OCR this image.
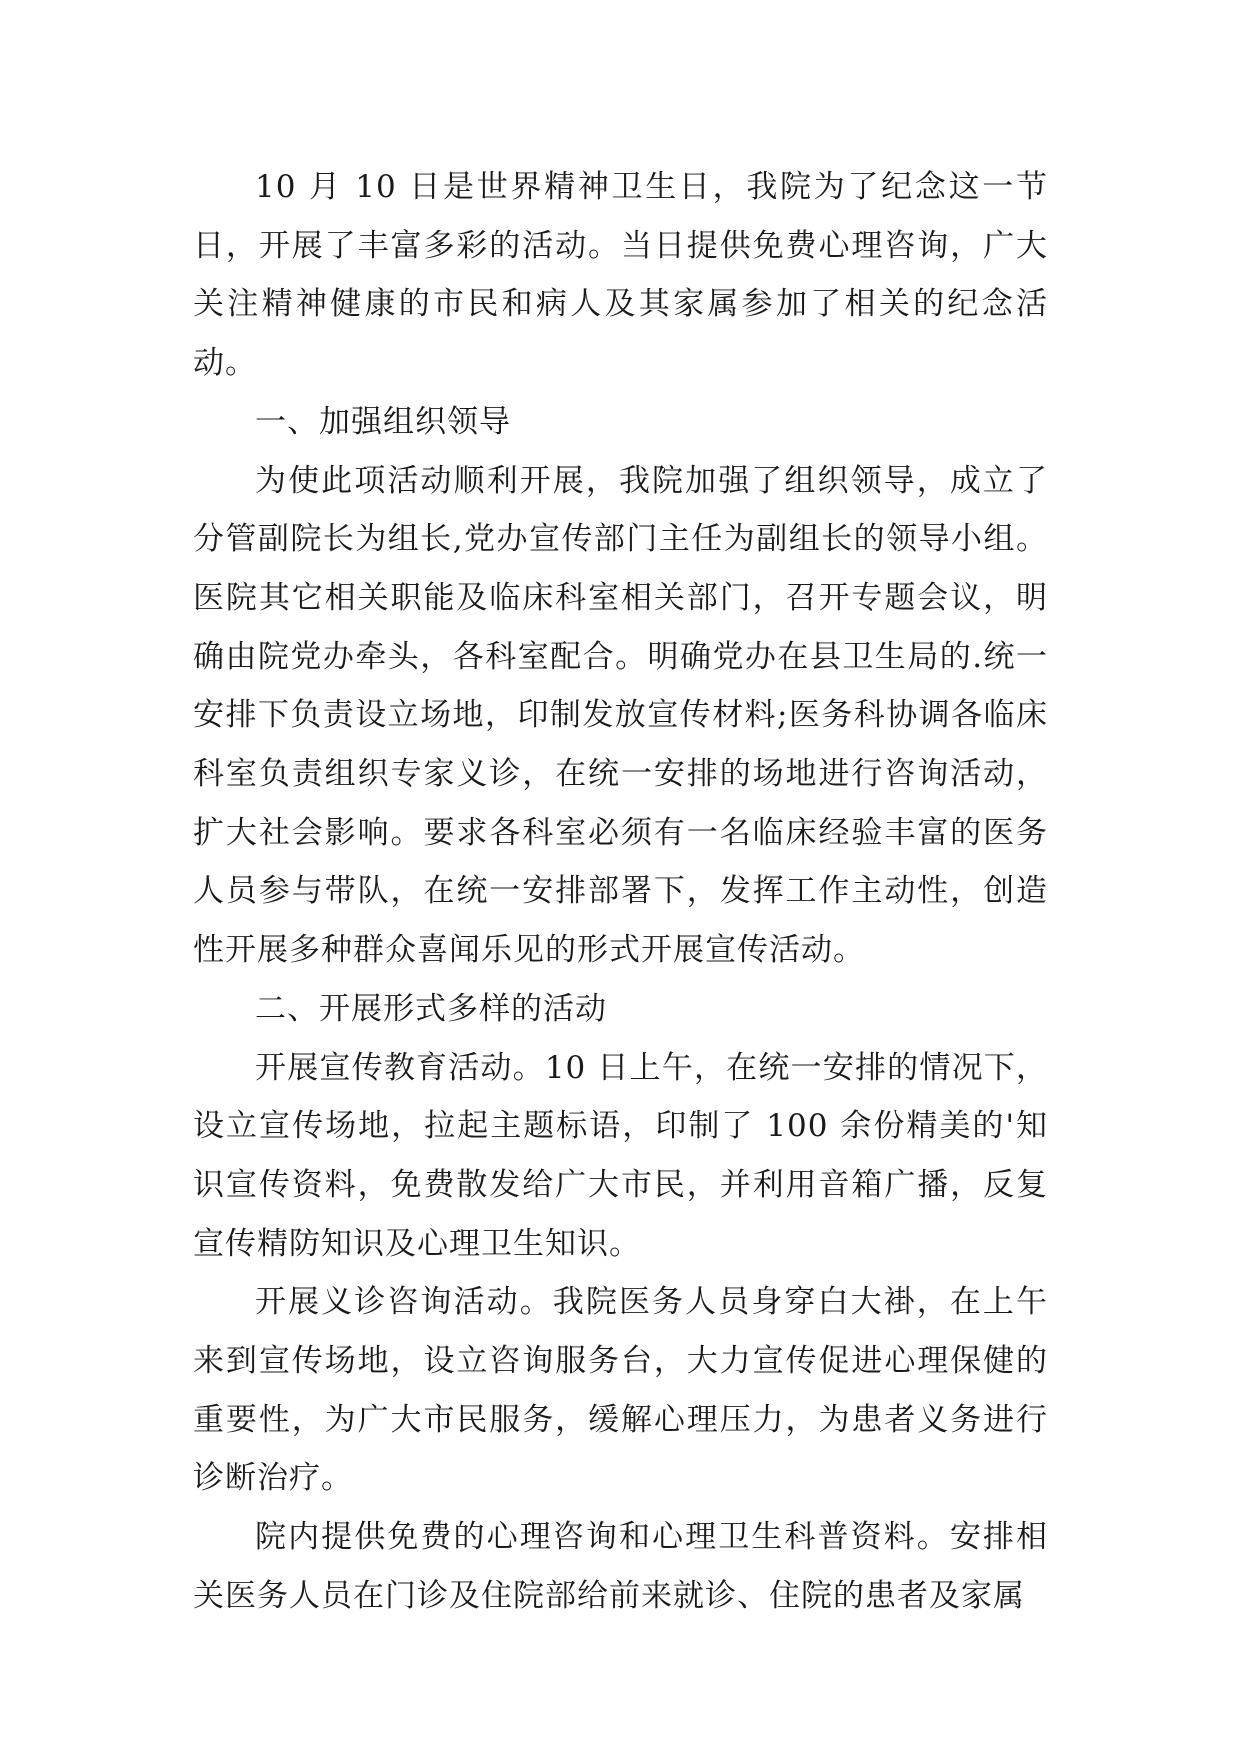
10 月 10 日是世界精神卫生日，我院为了纪念这一节日，开展了丰富多彩的活动。当日提供免费心理咨询，广大关注精神健康的市民和病人及其家属参加了相关的纪念活动。

一、加强组织领导

为使此项活动顺利开展，我院加强了组织领导，成立了分管副院长为组长,党办宣传部门主任为副组长的领导小组。医院其它相关职能及临床科室相关部门，召开专题会议，明确由院党办牵头，各科室配合。明确党办在县卫生局的.统一安排下负责设立场地，印制发放宣传材料;医务科协调各临床科室负责组织专家义诊，在统一安排的场地进行咨询活动，扩大社会影响。要求各科室必须有一名临床经验丰富的医务人员参与带队，在统一安排部署下，发挥工作主动性，创造性开展多种群众喜闻乐见的形式开展宣传活动。

二、开展形式多样的活动

开展宣传教育活动。10 日上午，在统一安排的情况下，设立宣传场地，拉起主题标语，印制了 100 余份精美的'知识宣传资料，免费散发给广大市民，并利用音箱广播，反复宣传精防知识及心理卫生知识。

开展义诊咨询活动。我院医务人员身穿白大褂，在上午来到宣传场地，设立咨询服务台，大力宣传促进心理保健的重要性，为广大市民服务，缓解心理压力，为患者义务进行诊断治疗。

院内提供免费的心理咨询和心理卫生科普资料。安排相关医务人员在门诊及住院部给前来就诊、住院的患者及家属
